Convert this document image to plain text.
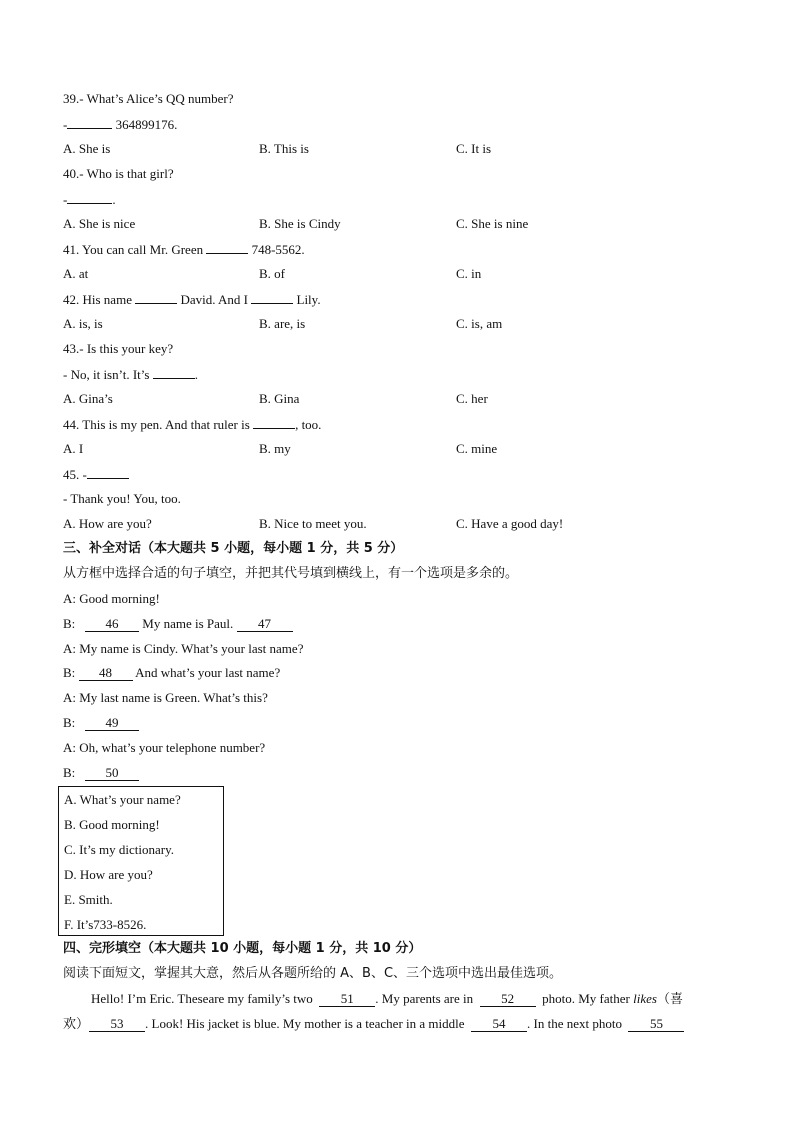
39.- What’s Alice’s QQ number?
-	364899176.
A. She is	B. This is	C. It is
40.- Who is that girl?
-	.
A. She is nice	B. She is Cindy	C. She is nine
41. You can call Mr. Green	748-5562.
A. at	B. of	C. in
42. His name	David. And I	Lily.
A. is, is	B. are, is	C. is, am
43.- Is this your key?
- No, it isn’t. It’s	.
A. Gina’s	B. Gina	C. her
44. This is my pen. And that ruler is	, too.
A. I	B. my	C. mine
45. -
- Thank you! You, too.
A. How are you?	B. Nice to meet you.	C. Have a good day!
三、补全对话（本大题共 5 小题，每小题 1 分，共 5 分）
从方框中选择合适的句子填空，并把其代号填到横线上，有一个选项是多余的。
A: Good morning!
B: 46 My name is Paul. 47
A: My name is Cindy. What’s your last name?
B: 48 And what’s your last name?
A: My last name is Green. What’s this?
B: 49
A: Oh, what’s your telephone number?
B: 50
A. What’s your name?
B. Good morning!
C. It’s my dictionary.
D. How are you?
E. Smith.
F. It’s733-8526.
四、完形填空（本大题共 10 小题，每小题 1 分，共 10 分）
阅读下面短文，掌握其大意，然后从各题所给的 A、B、C、三个选项中选出最佳选项。
Hello! I’m Eric. Theseare my family’s two 51 . My parents are in 52  photo. My father likes（喜
欢） 53 . Look! His jacket is blue. My mother is a teacher in a middle 54 . In the next photo 55
